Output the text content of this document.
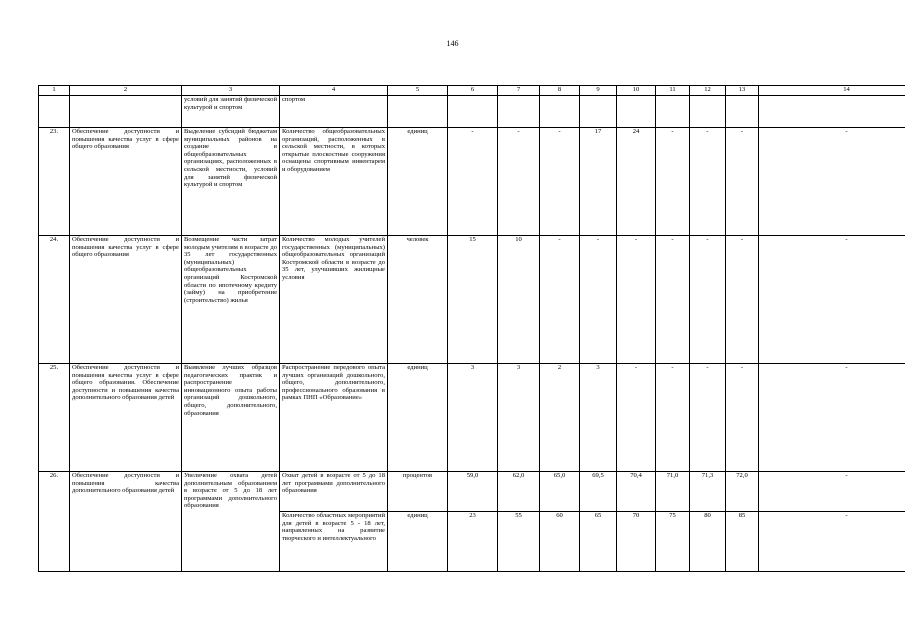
146
1	2	3	4	5	6	7	8	9	10	11	12	13	14
		условий для занятий физической культурой и спортом	спортом										
23.	Обеспечение доступности и повышения качества услуг в сфере общего образования	Выделение субсидий бюджетам муниципальных районов на создание в общеобразовательных организациях, расположенных в сельской местности, условий для занятий физической культурой и спортом	Количество общеобразовательных организаций, расположенных в сельской местности, в которых открытые плоскостные сооружения оснащены спортивным инвентарем и оборудованием	единиц	-	-	-	17	24	-	-	-	-
24.	Обеспечение доступности и повышения качества услуг в сфере общего образования	Возмещение части затрат молодым учителям в возрасте до 35 лет государственных (муниципальных) общеобразовательных организаций Костромской области по ипотечному кредиту (займу) на приобретение (строительство) жилья	Количество молодых учителей государственных (муниципальных) общеобразовательных организаций Костромской области в возрасте до 35 лет, улучшивших жилищные условия	человек	15	10	-	-	-	-	-	-	-
25.	Обеспечение доступности и повышения качества услуг в сфере общего образования. Обеспечение доступности и повышения качества дополнительного образования детей	Выявление лучших образцов педагогических практик и распространение инновационного опыта работы организаций дошкольного, общего, дополнительного, образования	Распространение передового опыта лучших организаций дошкольного, общего, дополнительного, профессионального образования в рамках ПНП «Образование»	единиц	3	3	2	3	-	-	-	-	-
26.	Обеспечение доступности и повышения качества дополнительного образования детей	Увеличение охвата детей дополнительным образованием в возрасте от 5 до 18 лет программами дополнительного образования	Охват детей в возрасте от 5 до 18 лет программами дополнительного образования	процентов	59,0	62,0	65,0	69,5	70,4	71,0	71,3	72,0	-
			Количество областных мероприятий для детей в возрасте 5 - 18 лет, направленных на развитие творческого и интеллектуального	единиц	23	55	60	65	70	75	80	85	-
